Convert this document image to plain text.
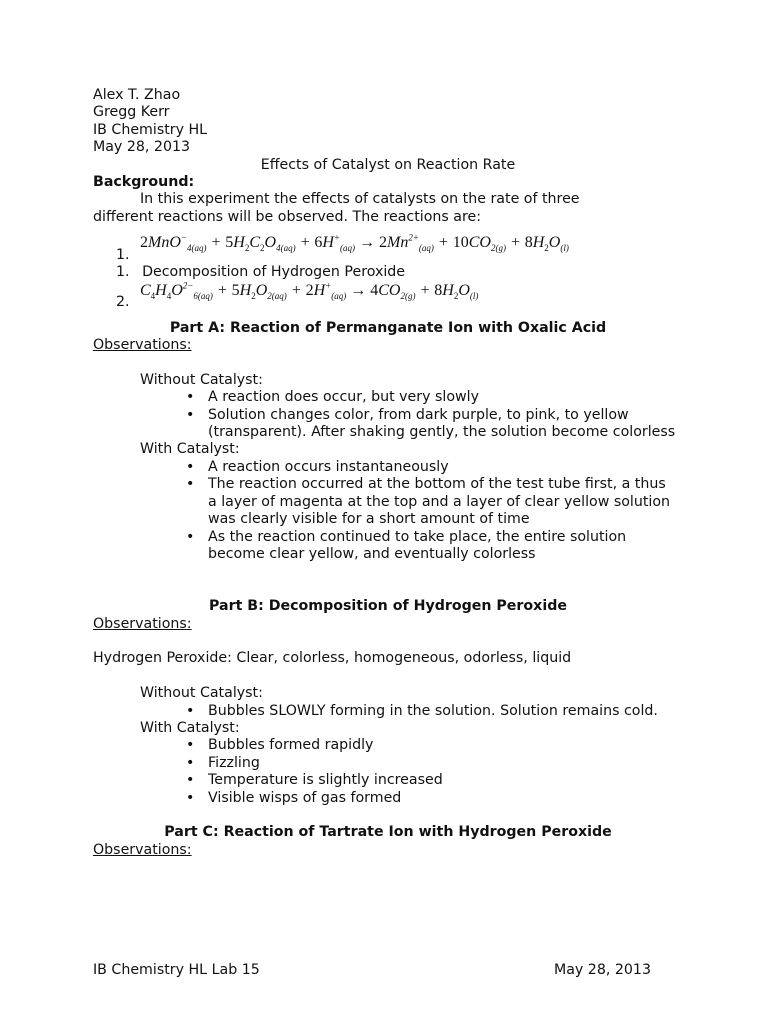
Alex T. Zhao
Gregg Kerr
IB Chemistry HL
May 28, 2013
Effects of Catalyst on Reaction Rate
Background:
In this experiment the effects of catalysts on the rate of three
different reactions will be observed. The reactions are:
1.
$2MnO^-_{4(aq)} + 5H_2C_2O_{4(aq)} + 6H^+_{(aq)} \to 2Mn^{2+}_{(aq)} + 10CO_{2(g)} + 8H_2O_{(l)}$
1. Decomposition of Hydrogen Peroxide
2.
$C_4H_4O^{2-}_{6(aq)} + 5H_2O_{2(aq)} + 2H^+_{(aq)} \to 4CO_{2(g)} + 8H_2O_{(l)}$
Part A: Reaction of Permanganate Ion with Oxalic Acid
Observations:
Without Catalyst:
• A reaction does occur, but very slowly
• Solution changes color, from dark purple, to pink, to yellow (transparent). After shaking gently, the solution become colorless
With Catalyst:
• A reaction occurs instantaneously
• The reaction occurred at the bottom of the test tube first, a thus a layer of magenta at the top and a layer of clear yellow solution was clearly visible for a short amount of time
• As the reaction continued to take place, the entire solution become clear yellow, and eventually colorless
Part B: Decomposition of Hydrogen Peroxide
Observations:
Hydrogen Peroxide: Clear, colorless, homogeneous, odorless, liquid
Without Catalyst:
• Bubbles SLOWLY forming in the solution. Solution remains cold.
With Catalyst:
• Bubbles formed rapidly
• Fizzling
• Temperature is slightly increased
• Visible wisps of gas formed
Part C: Reaction of Tartrate Ion with Hydrogen Peroxide
Observations:
IB Chemistry HL Lab 15	May 28, 2013
